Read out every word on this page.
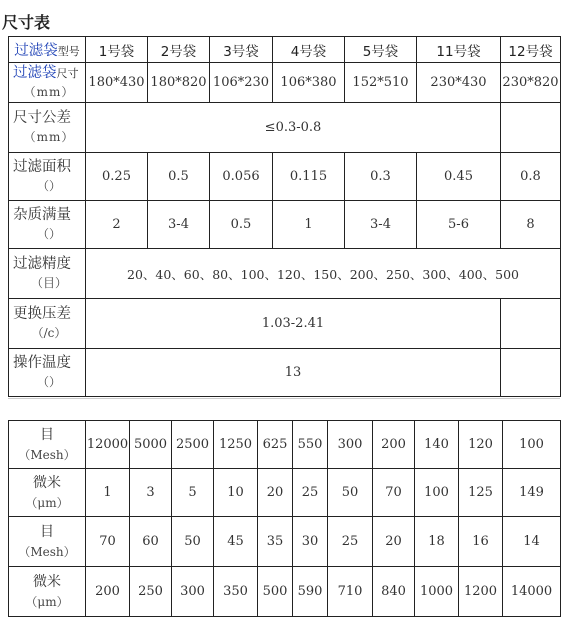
尺寸表
过滤袋型号	1号袋	2号袋	3号袋	4号袋	5号袋	11号袋	12号袋
过滤袋尺寸
（mm）	180*430	180*820	106*230	106*380	152*510	230*430	230*820
尺寸公差
（mm）	≤0.3-0.8						
过滤面积
（）	0.25	0.5	0.056	0.115	0.3	0.45	0.8
杂质满量
（）	2	3-4	0.5	1	3-4	5-6	8
过滤精度
（目）	20、40、60、80、100、120、150、200、250、300、400、500						
更换压差
（/c）	1.03-2.41						
操作温度
（）	13						
目
（Mesh）	12000	5000	2500	1250	625	550	300	200	140	120	100
微米
（μm）	1	3	5	10	20	25	50	70	100	125	149
目
（Mesh）	70	60	50	45	35	30	25	20	18	16	14
微米
（μm）	200	250	300	350	500	590	710	840	1000	1200	14000
